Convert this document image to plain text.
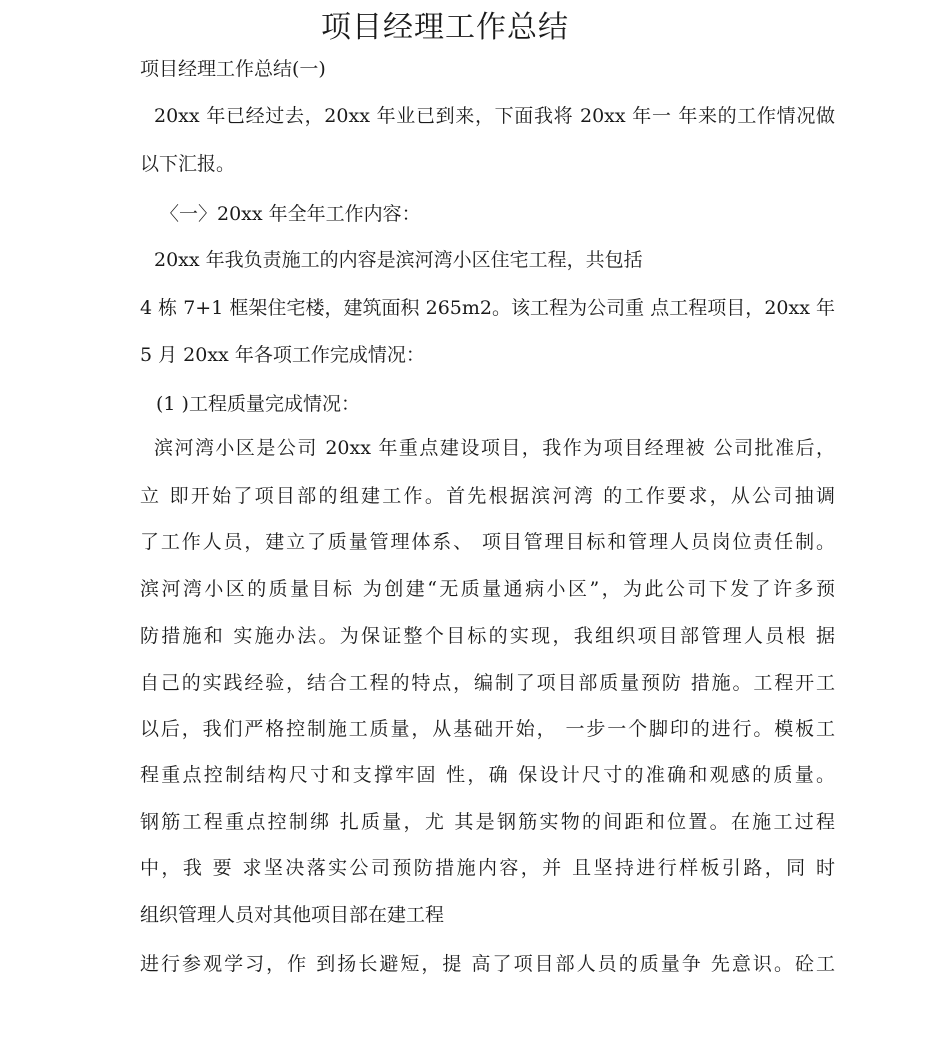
项目经理工作总结
项目经理工作总结(一)
20xx 年已经过去，20xx 年业已到来，下面我将 20xx 年一 年来的工作情况做
以下汇报。
〈一〉20xx 年全年工作内容：
20xx 年我负责施工的内容是滨河湾小区住宅工程，共包括
4 栋 7+1 框架住宅楼，建筑面积 265m2。该工程为公司重 点工程项目，20xx 年
5 月 20xx 年各项工作完成情况：
(1 )工程质量完成情况：
滨河湾小区是公司 20xx 年重点建设项目，我作为项目经理被 公司批准后，
立 即开始了项目部的组建工作。首先根据滨河湾 的工作要求，从公司抽调
了工作人员，建立了质量管理体系、 项目管理目标和管理人员岗位责任制。
滨河湾小区的质量目标 为创建“无质量通病小区”，为此公司下发了许多预
防措施和 实施办法。为保证整个目标的实现，我组织项目部管理人员根 据
自己的实践经验，结合工程的特点，编制了项目部质量预防 措施。工程开工
以后，我们严格控制施工质量，从基础开始， 一步一个脚印的进行。模板工
程重点控制结构尺寸和支撑牢固 性，确 保设计尺寸的准确和观感的质量。
钢筋工程重点控制绑 扎质量，尤 其是钢筋实物的间距和位置。在施工过程
中，我 要 求坚决落实公司预防措施内容，并 且坚持进行样板引路，同 时
组织管理人员对其他项目部在建工程
进行参观学习，作 到扬长避短，提 高了项目部人员的质量争 先意识。砼工
